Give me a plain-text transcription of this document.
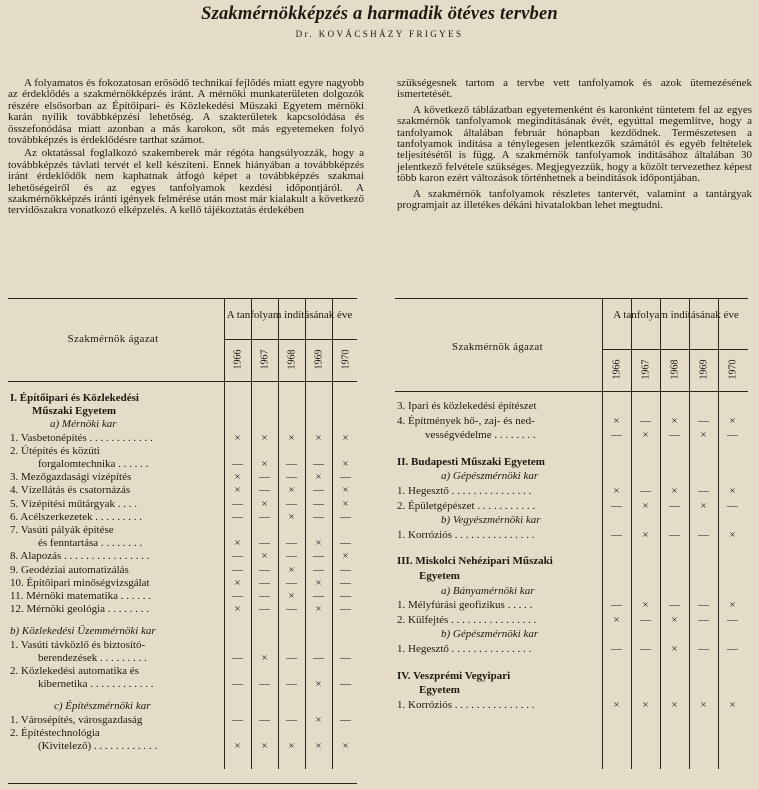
Szakmérnökképzés a harmadik ötéves tervben
Dr. KOVÁCSHÁZY FRIGYES

A folyamatos és fokozatosan erősödő technikai fejlődés miatt egyre nagyobb az érdeklődés a szakmérnökképzés iránt. A mérnöki munkaterületen dolgozók részére elsősorban az Építőipari- és Közlekedési Műszaki Egyetem mérnöki karán nyílik továbbképzési lehetőség. A szakterületek kapcsolódása és összefonódása miatt azonban a más karokon, sőt más egyetemeken folyó továbbképzés is érdeklődésre tarthat számot.

Az oktatással foglalkozó szakemberek már régóta hangsúlyozzák, hogy a továbbképzés távlati tervét el kell készíteni. Ennek hiányában a továbbképzés iránt érdeklődők nem kaphatnak átfogó képet a továbbképzés szakmai lehetőségeiről és az egyes tanfolyamok kezdési időpontjáról. A szakmérnökképzés iránti igények felmérése után most már kialakult a következő tervidőszakra vonatkozó elképzelés. A kellő tájékoztatás érdekében

szükségesnek tartom a tervbe vett tanfolyamok és azok ütemezésének ismertetését.

A következő táblázatban egyetemenként és karonként tüntetem fel az egyes szakmérnök tanfolyamok megindításának évét, egyúttal megemlítve, hogy a tanfolyamok általában február hónapban kezdődnek. Természetesen a tanfolyamok indítása a ténylegesen jelentkezők számától és egyéb feltételek teljesítésétől is függ. A szakmérnök tanfolyamok indításához általában 30 jelentkező felvétele szükséges. Megjegyezzük, hogy a közölt tervezethez képest több karon ezért változások történhetnek a beindítások időpontjában.

A szakmérnök tanfolyamok részletes tantervét, valamint a tantárgyak programjait az illetékes dékáni hivatalokban lehet megtudni.

Szakmérnök ágazat
A tanfolyam indításának éve
1966 1967 1968 1969 1970
I. Építőipari és Közlekedési
Műszaki Egyetem
a) Mérnöki kar
1. Vasbetonépítés . . . . . . . . . . . .	×	×	×	×	×
2. Útépítés és közúti
forgalomtechnika . . . . . .	—	×	—	—	×
3. Mezőgazdasági vízépítés	×	—	—	×	—
4. Vízellátás és csatornázás	×	—	×	—	×
5. Vízépítési műtárgyak . . . .	—	×	—	—	×
6. Acélszerkezetek . . . . . . . . .	—	—	×	—	—
7. Vasúti pályák építése
és fenntartása . . . . . . . .	×	—	—	×	—
8. Alapozás . . . . . . . . . . . . . . . .	—	×	—	—	×
9. Geodéziai automatizálás	—	—	×	—	—
10. Építőipari minőségvizsgálat	×	—	—	×	—
11. Mérnöki matematika . . . . . .	—	—	×	—	—
12. Mérnöki geológia . . . . . . . .	×	—	—	×	—
b) Közlekedési Üzemmérnöki kar
1. Vasúti távközlő és biztosító-
berendezések . . . . . . . . .	—	×	—	—	—
2. Közlekedési automatika és
kibernetika . . . . . . . . . . . .	—	—	—	×	—
c) Építészmérnöki kar
1. Városépítés, városgazdaság	—	—	—	×	—
2. Építéstechnológia
(Kivitelező) . . . . . . . . . . . .	×	×	×	×	×
Szakmérnök ágazat
A tanfolyam indításának éve
1966 1967 1968 1969 1970
3. Ipari és közlekedési építészet
4. Építmények hő-, zaj- és ned-	×	—	×	—	×
vességvédelme . . . . . . . .	—	×	—	×	—
II. Budapesti Műszaki Egyetem
a) Gépészmérnöki kar
1. Hegesztő . . . . . . . . . . . . . . .	×	—	×	—	×
2. Épületgépészet . . . . . . . . . . .	—	×	—	×	—
b) Vegyészmérnöki kar
1. Korróziós . . . . . . . . . . . . . . .	—	×	—	—	×
III. Miskolci Nehézipari Műszaki
Egyetem
a) Bányamérnöki kar
1. Mélyfúrási geofizikus . . . . .	—	×	—	—	×
2. Külfejtés . . . . . . . . . . . . . . . .	×	—	×	—	—
b) Gépészmérnöki kar
1. Hegesztő . . . . . . . . . . . . . . .	—	—	×	—	—
IV. Veszprémi Vegyipari
Egyetem
1. Korróziós . . . . . . . . . . . . . . .	×	×	×	×	×
